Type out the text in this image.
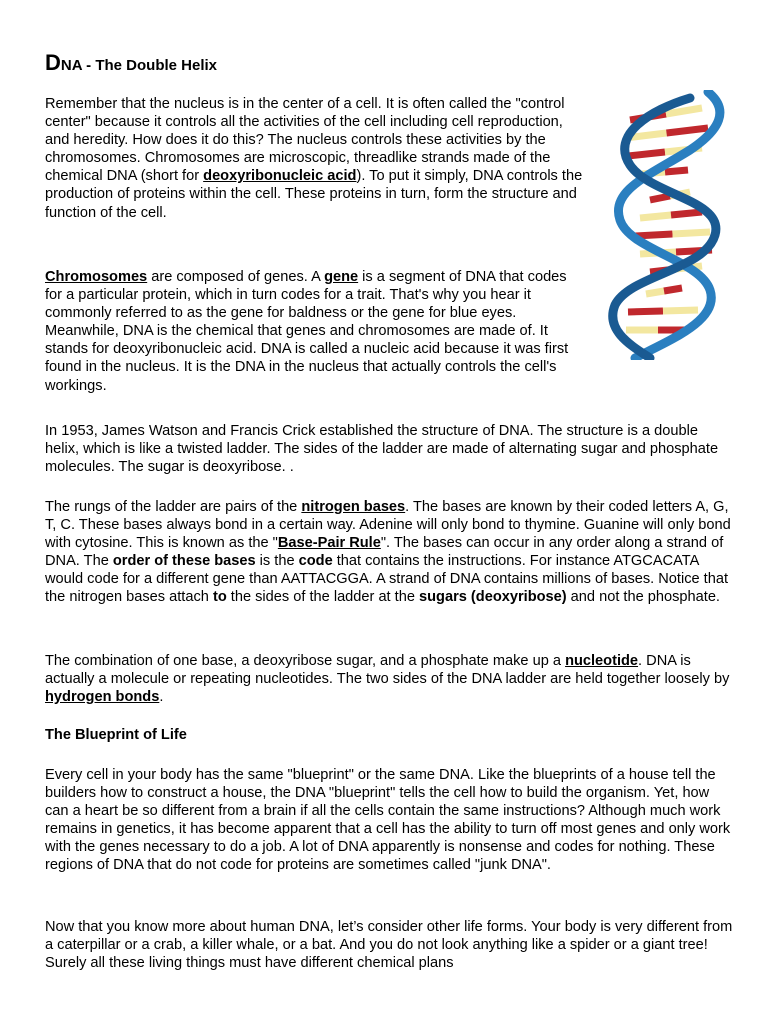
DNA - The Double Helix

Remember that the nucleus is in the center of a cell. It is often called the "control center" because it controls all the activities of the cell including cell reproduction, and heredity. How does it do this? The nucleus controls these activities by the chromosomes. Chromosomes are microscopic, threadlike strands made of the chemical DNA (short for deoxyribonucleic acid). To put it simply, DNA controls the production of proteins within the cell. These proteins in turn, form the structure and function of the cell.

Chromosomes are composed of genes. A gene is a segment of DNA that codes for a particular protein, which in turn codes for a trait. That's why you hear it commonly referred to as the gene for baldness or the gene for blue eyes. Meanwhile, DNA is the chemical that genes and chromosomes are made of. It stands for deoxyribonucleic acid. DNA is called a nucleic acid because it was first found in the nucleus. It is the DNA in the nucleus that actually controls the cell's workings.

In 1953, James Watson and Francis Crick established the structure of DNA. The structure is a double helix, which is like a twisted ladder. The sides of the ladder are made of alternating sugar and phosphate molecules. The sugar is deoxyribose. .

The rungs of the ladder are pairs of the nitrogen bases. The bases are known by their coded letters A, G, T, C. These bases always bond in a certain way. Adenine will only bond to thymine. Guanine will only bond with cytosine. This is known as the "Base-Pair Rule". The bases can occur in any order along a strand of DNA. The order of these bases is the code that contains the instructions. For instance ATGCACATA would code for a different gene than AATTACGGA. A strand of DNA contains millions of bases. Notice that the nitrogen bases attach to the sides of the ladder at the sugars (deoxyribose) and not the phosphate.

The combination of one base, a deoxyribose sugar, and a phosphate make up a nucleotide. DNA is actually a molecule or repeating nucleotides. The two sides of the DNA ladder are held together loosely by hydrogen bonds.

The Blueprint of Life

Every cell in your body has the same "blueprint" or the same DNA. Like the blueprints of a house tell the builders how to construct a house, the DNA "blueprint" tells the cell how to build the organism. Yet, how can a heart be so different from a brain if all the cells contain the same instructions? Although much work remains in genetics, it has become apparent that a cell has the ability to turn off most genes and only work with the genes necessary to do a job. A lot of DNA apparently is nonsense and codes for nothing. These regions of DNA that do not code for proteins are sometimes called "junk DNA".

Now that you know more about human DNA, let’s consider other life forms. Your body is very different from a caterpillar or a crab, a killer whale, or a bat. And you do not look anything like a spider or a giant tree! Surely all these living things must have different chemical plans
